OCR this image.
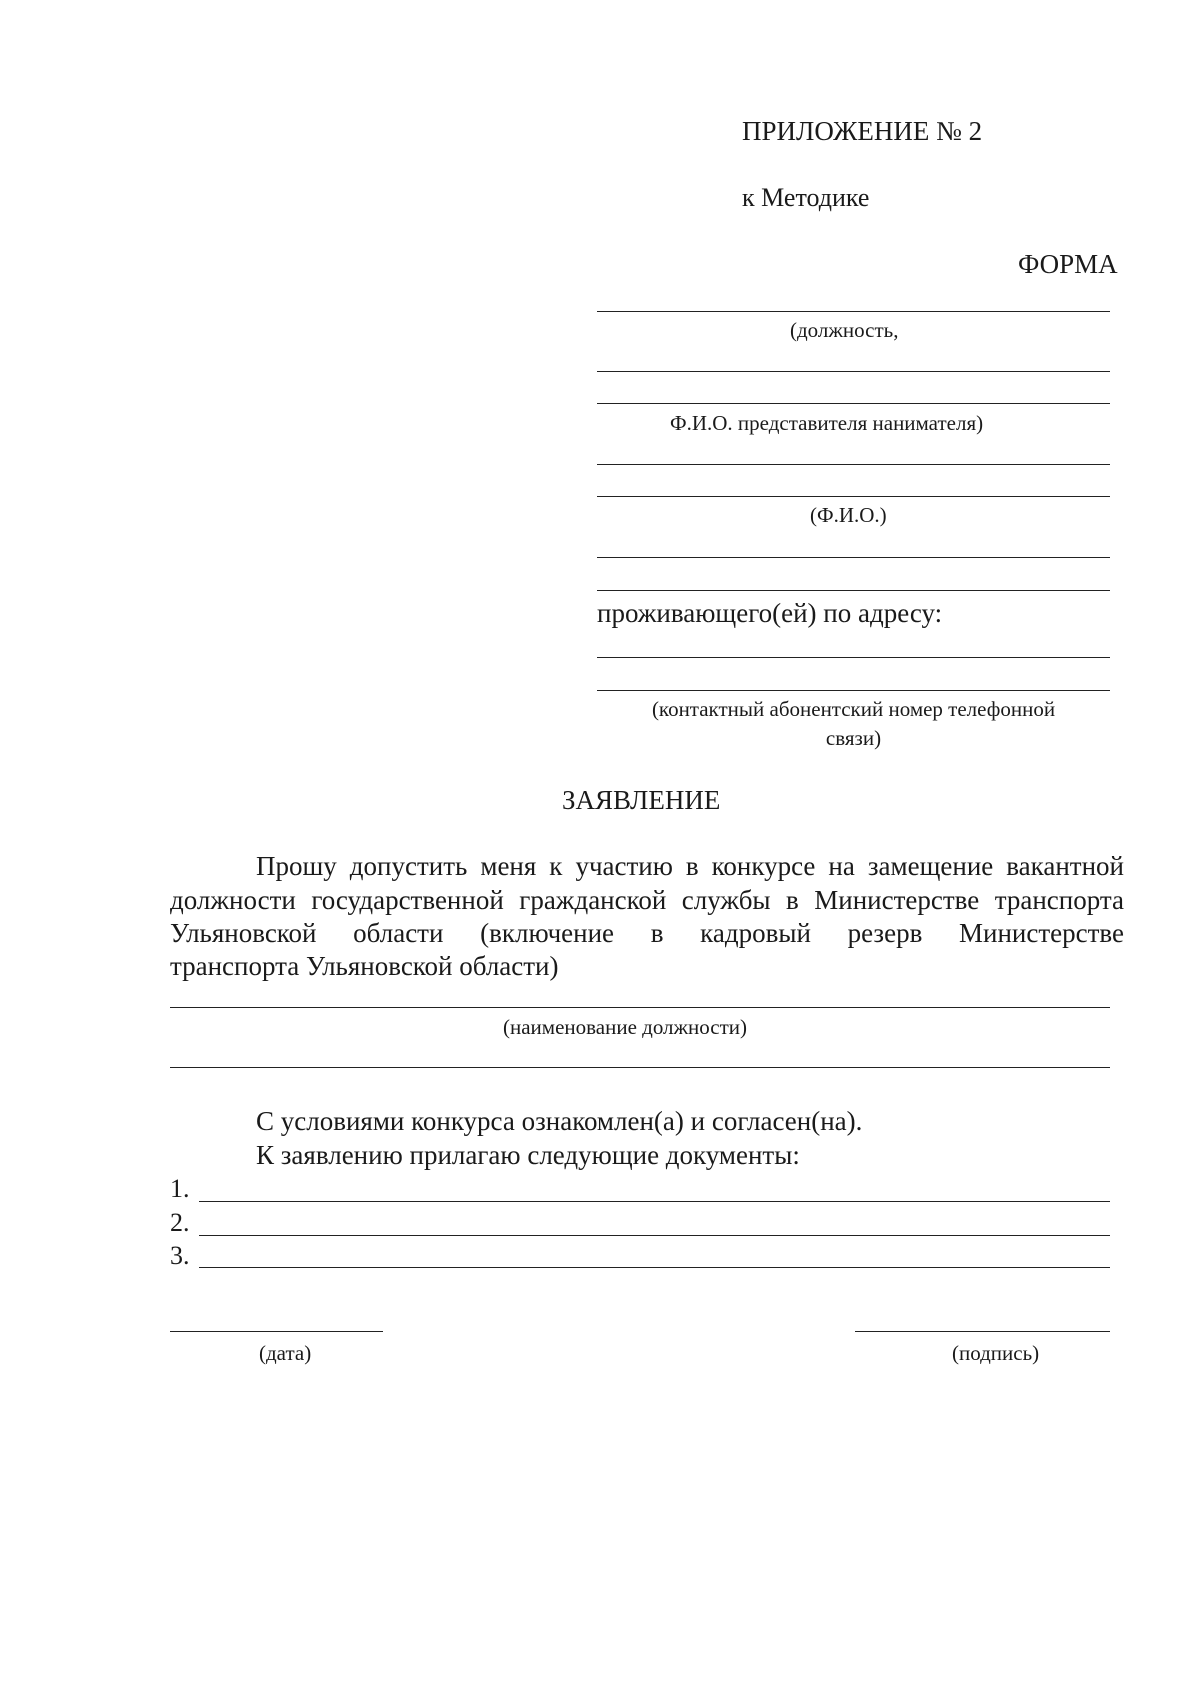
ПРИЛОЖЕНИЕ № 2
к Методике
ФОРМА
(должность,
Ф.И.О. представителя нанимателя)
(Ф.И.О.)
проживающего(ей) по адресу:
(контактный абонентский номер телефонной
связи)
ЗАЯВЛЕНИЕ
Прошу допустить меня к участию в конкурсе на замещение вакантной
должности государственной гражданской службы в Министерстве транспорта
Ульяновской области (включение в кадровый резерв Министерстве
транспорта Ульяновской области)
(наименование должности)
С условиями конкурса ознакомлен(а) и согласен(на).
К заявлению прилагаю следующие документы:
1.
2.
3.
(дата)	(подпись)
